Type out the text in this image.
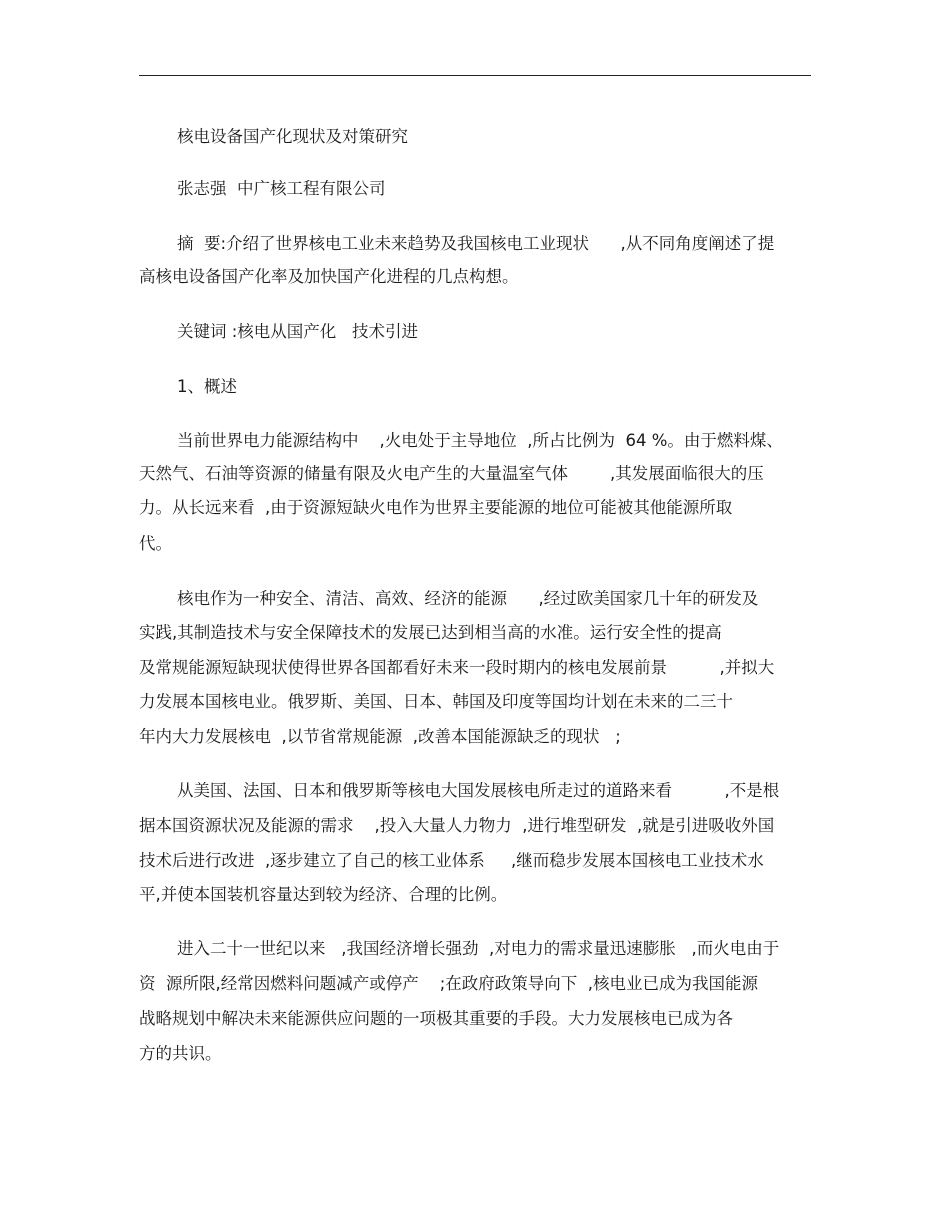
核电设备国产化现状及对策研究
张志强  中广核工程有限公司
摘  要:介绍了世界核电工业未来趋势及我国核电工业现状      ,从不同角度阐述了提
高核电设备国产化率及加快国产化进程的几点构想。
关键词 :核电从国产化   技术引进
1、概述
当前世界电力能源结构中    ,火电处于主导地位  ,所占比例为  64 %。由于燃料煤、
天然气、石油等资源的储量有限及火电产生的大量温室气体        ,其发展面临很大的压
力。从长远来看  ,由于资源短缺火电作为世界主要能源的地位可能被其他能源所取
代。
核电作为一种安全、清洁、高效、经济的能源      ,经过欧美国家几十年的研发及
实践,其制造技术与安全保障技术的发展已达到相当高的水准。运行安全性的提高
及常规能源短缺现状使得世界各国都看好未来一段时期内的核电发展前景          ,并拟大
力发展本国核电业。俄罗斯、美国、日本、韩国及印度等国均计划在未来的二三十
年内大力发展核电  ,以节省常规能源  ,改善本国能源缺乏的现状   ;
从美国、法国、日本和俄罗斯等核电大国发展核电所走过的道路来看          ,不是根
据本国资源状况及能源的需求    ,投入大量人力物力  ,进行堆型研发  ,就是引进吸收外国
技术后进行改进  ,逐步建立了自己的核工业体系     ,继而稳步发展本国核电工业技术水
平,并使本国装机容量达到较为经济、合理的比例。
进入二十一世纪以来   ,我国经济增长强劲  ,对电力的需求量迅速膨胀   ,而火电由于
资  源所限,经常因燃料问题减产或停产    ;在政府政策导向下  ,核电业已成为我国能源
战略规划中解决未来能源供应问题的一项极其重要的手段。大力发展核电已成为各
方的共识。
